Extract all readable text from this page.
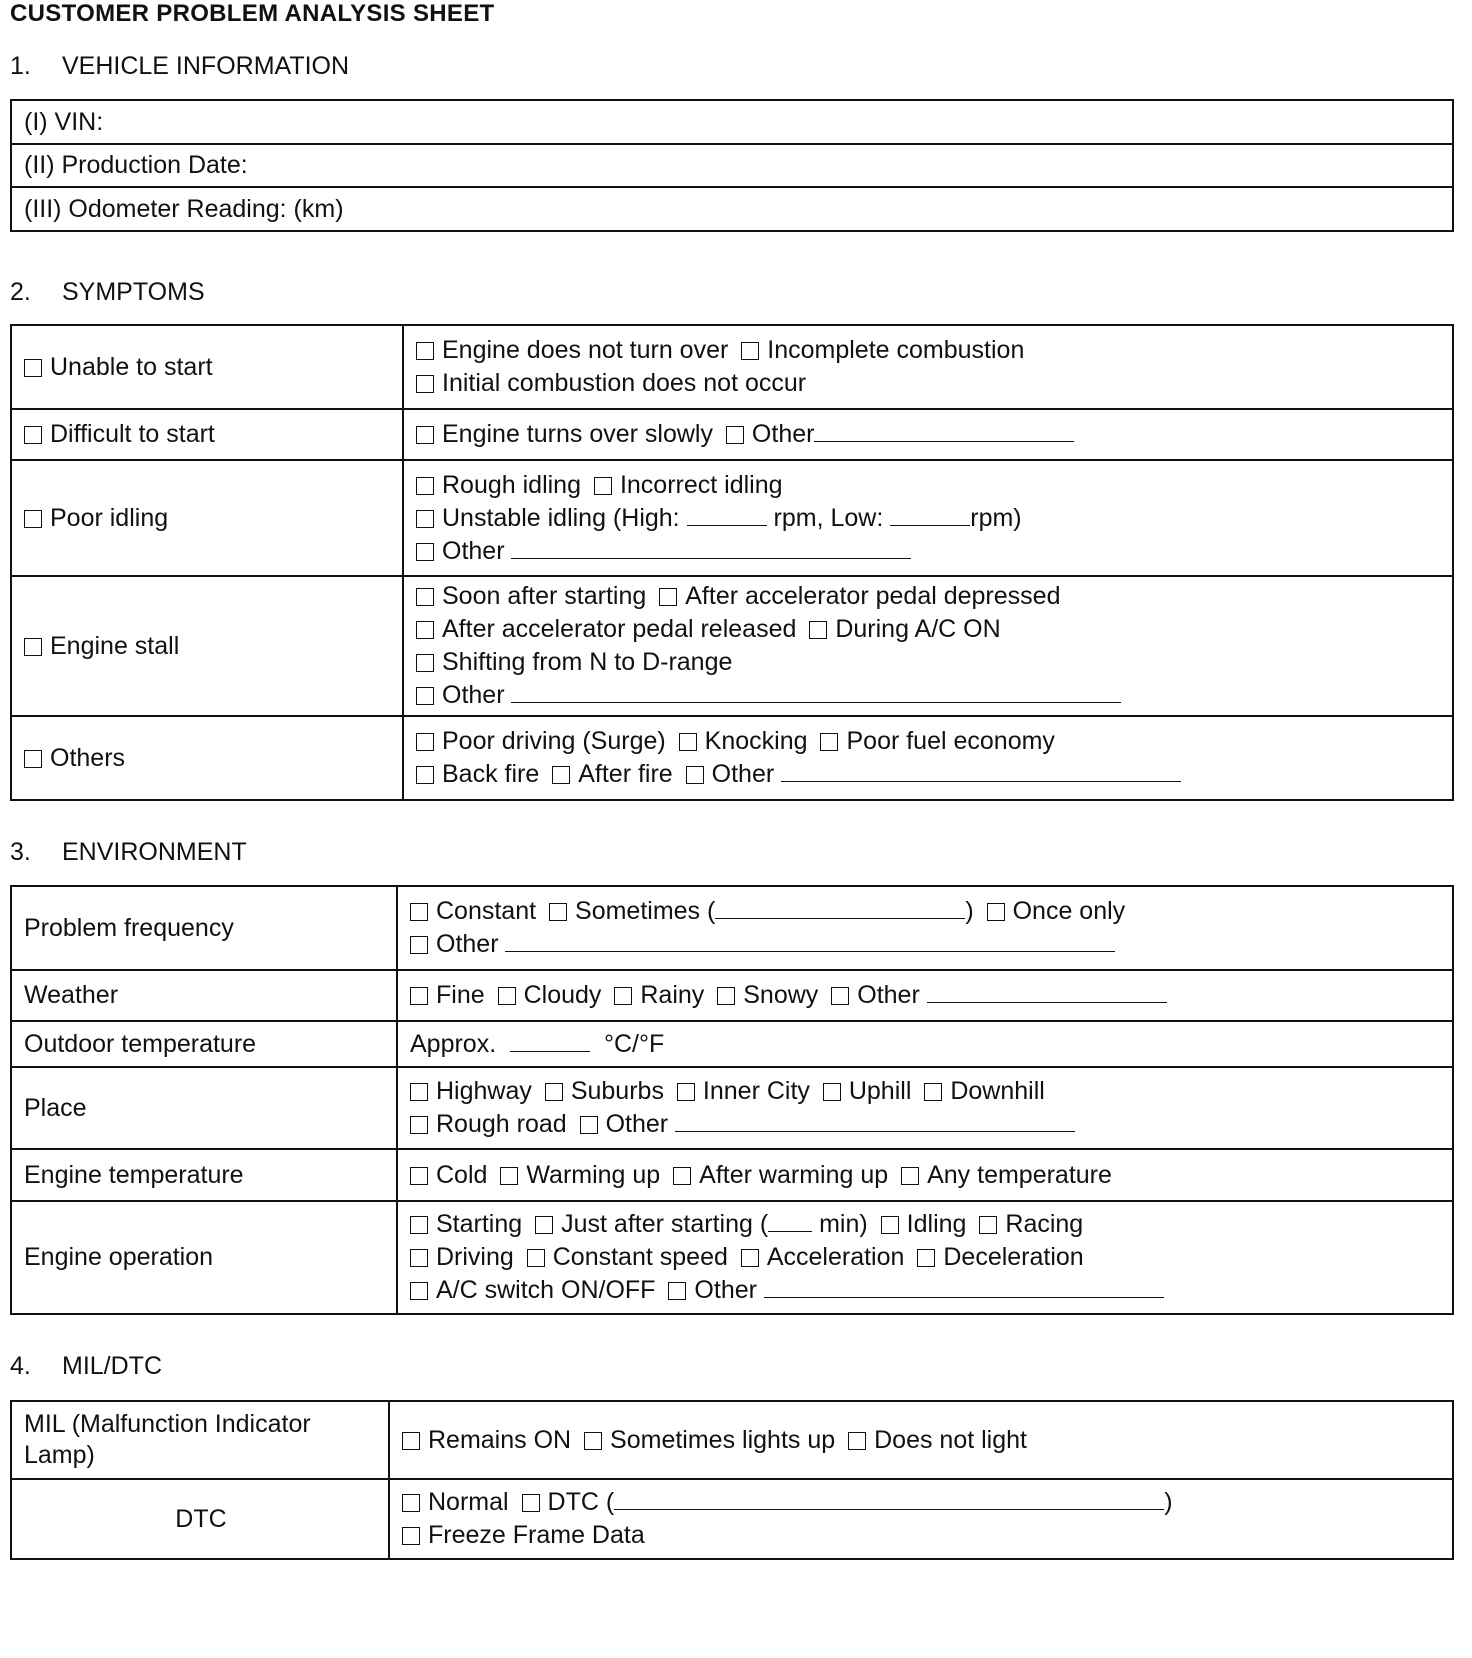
CUSTOMER PROBLEM ANALYSIS SHEET
1. VEHICLE INFORMATION
(I) VIN:
(II) Production Date:
(III) Odometer Reading: (km)
2. SYMPTOMS
Unable to start	Engine does not turn over Incomplete combustion
Initial combustion does not occur

Difficult to start	Engine turns over slowly Other

Poor idling	Rough idling Incorrect idling
Unstable idling (High: rpm, Low: rpm)
Other

Engine stall	Soon after starting After accelerator pedal depressed
After accelerator pedal released During A/C ON
Shifting from N to D-range
Other

Others	Poor driving (Surge) Knocking Poor fuel economy
Back fire After fire Other
3. ENVIRONMENT
Problem frequency	Constant Sometimes ( ) Once only
Other

Weather	Fine Cloudy Rainy Snowy Other

Outdoor temperature	Approx. °C/°F

Place	Highway Suburbs Inner City Uphill Downhill
Rough road Other

Engine temperature	Cold Warming up After warming up Any temperature

Engine operation	Starting Just after starting ( min) Idling Racing
Driving Constant speed Acceleration Deceleration
A/C switch ON/OFF Other
4. MIL/DTC
MIL (Malfunction Indicator Lamp)	Remains ON Sometimes lights up Does not light

DTC	Normal DTC ( )
Freeze Frame Data
